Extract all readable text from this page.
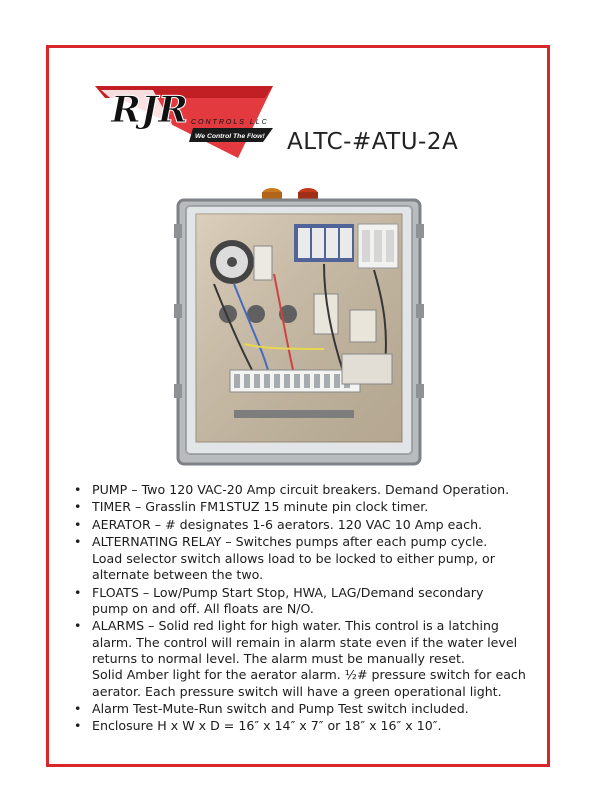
RJR CONTROLS LLC
We Control The Flow! ALTC-#ATU-2A
• PUMP – Two 120 VAC-20 Amp circuit breakers. Demand Operation.
• TIMER – Grasslin FM1STUZ 15 minute pin clock timer.
• AERATOR – # designates 1-6 aerators. 120 VAC 10 Amp each.
• ALTERNATING RELAY – Switches pumps after each pump cycle.
Load selector switch allows load to be locked to either pump, or
alternate between the two.
• FLOATS – Low/Pump Start Stop, HWA, LAG/Demand secondary
pump on and off. All floats are N/O.
• ALARMS – Solid red light for high water. This control is a latching
alarm. The control will remain in alarm state even if the water level
returns to normal level. The alarm must be manually reset.
Solid Amber light for the aerator alarm. ½# pressure switch for each
aerator. Each pressure switch will have a green operational light.
• Alarm Test-Mute-Run switch and Pump Test switch included.
• Enclosure H x W x D = 16″ x 14″ x 7″ or 18″ x 16″ x 10″.
